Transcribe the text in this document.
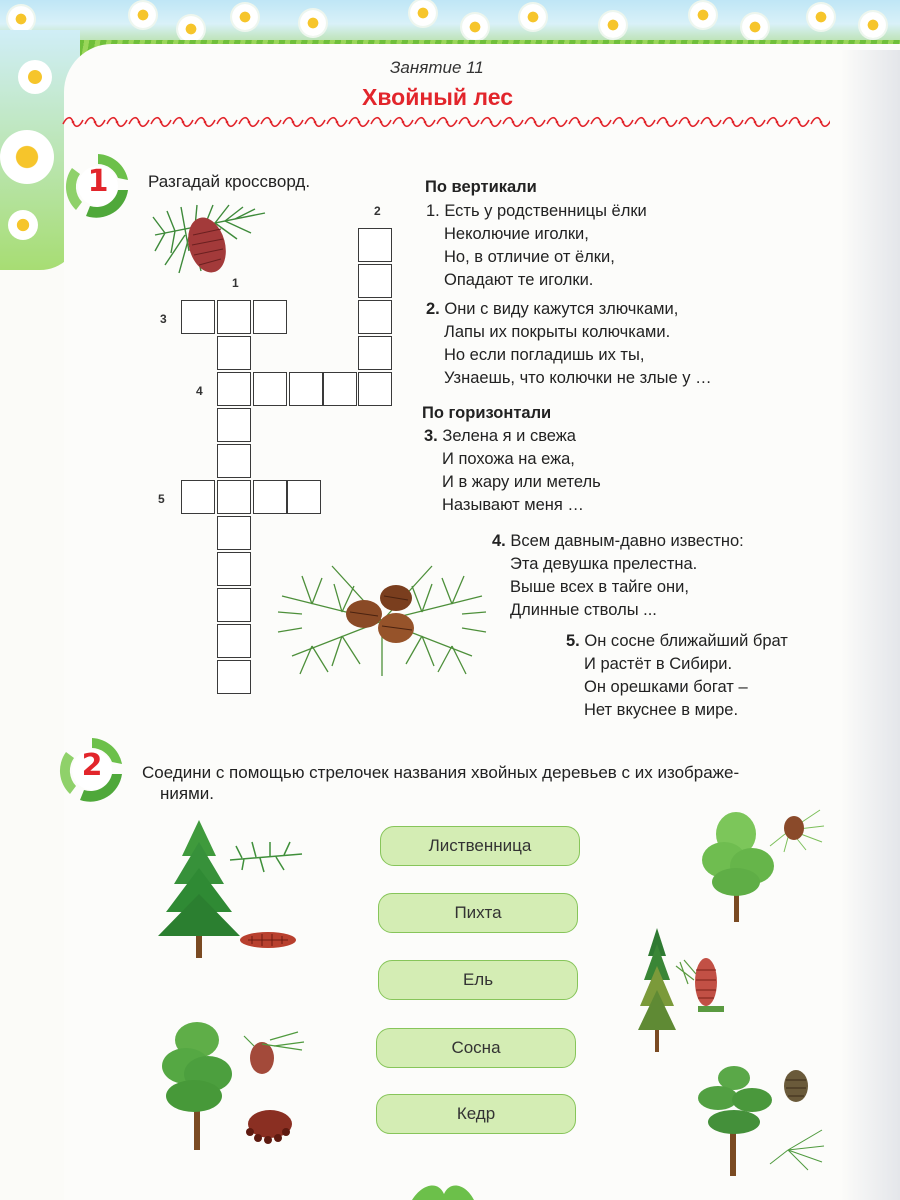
Занятие 11
Хвойный лес
1 Разгадай кроссворд.
2
1
3
4
5
По вертикали
По горизонтали
1. Есть у родственницы ёлки
Неколючие иголки,
Но, в отличие от ёлки,
Опадают те иголки.
2. Они с виду кажутся злючками,
Лапы их покрыты колючками.
Но если погладишь их ты,
Узнаешь, что колючки не злые у …
3. Зелена я и свежа
И похожа на ежа,
И в жару или метель
Называют меня …
4. Всем давным-давно известно:
Эта девушка прелестна.
Выше всех в тайге они,
Длинные стволы ...
5. Он сосне ближайший брат
И растёт в Сибири.
Он орешками богат –
Нет вкуснее в мире.
2 Соедини с помощью стрелочек названия хвойных деревьев с их изображе-
ниями.
Лиственница
Пихта
Ель
Сосна
Кедр
